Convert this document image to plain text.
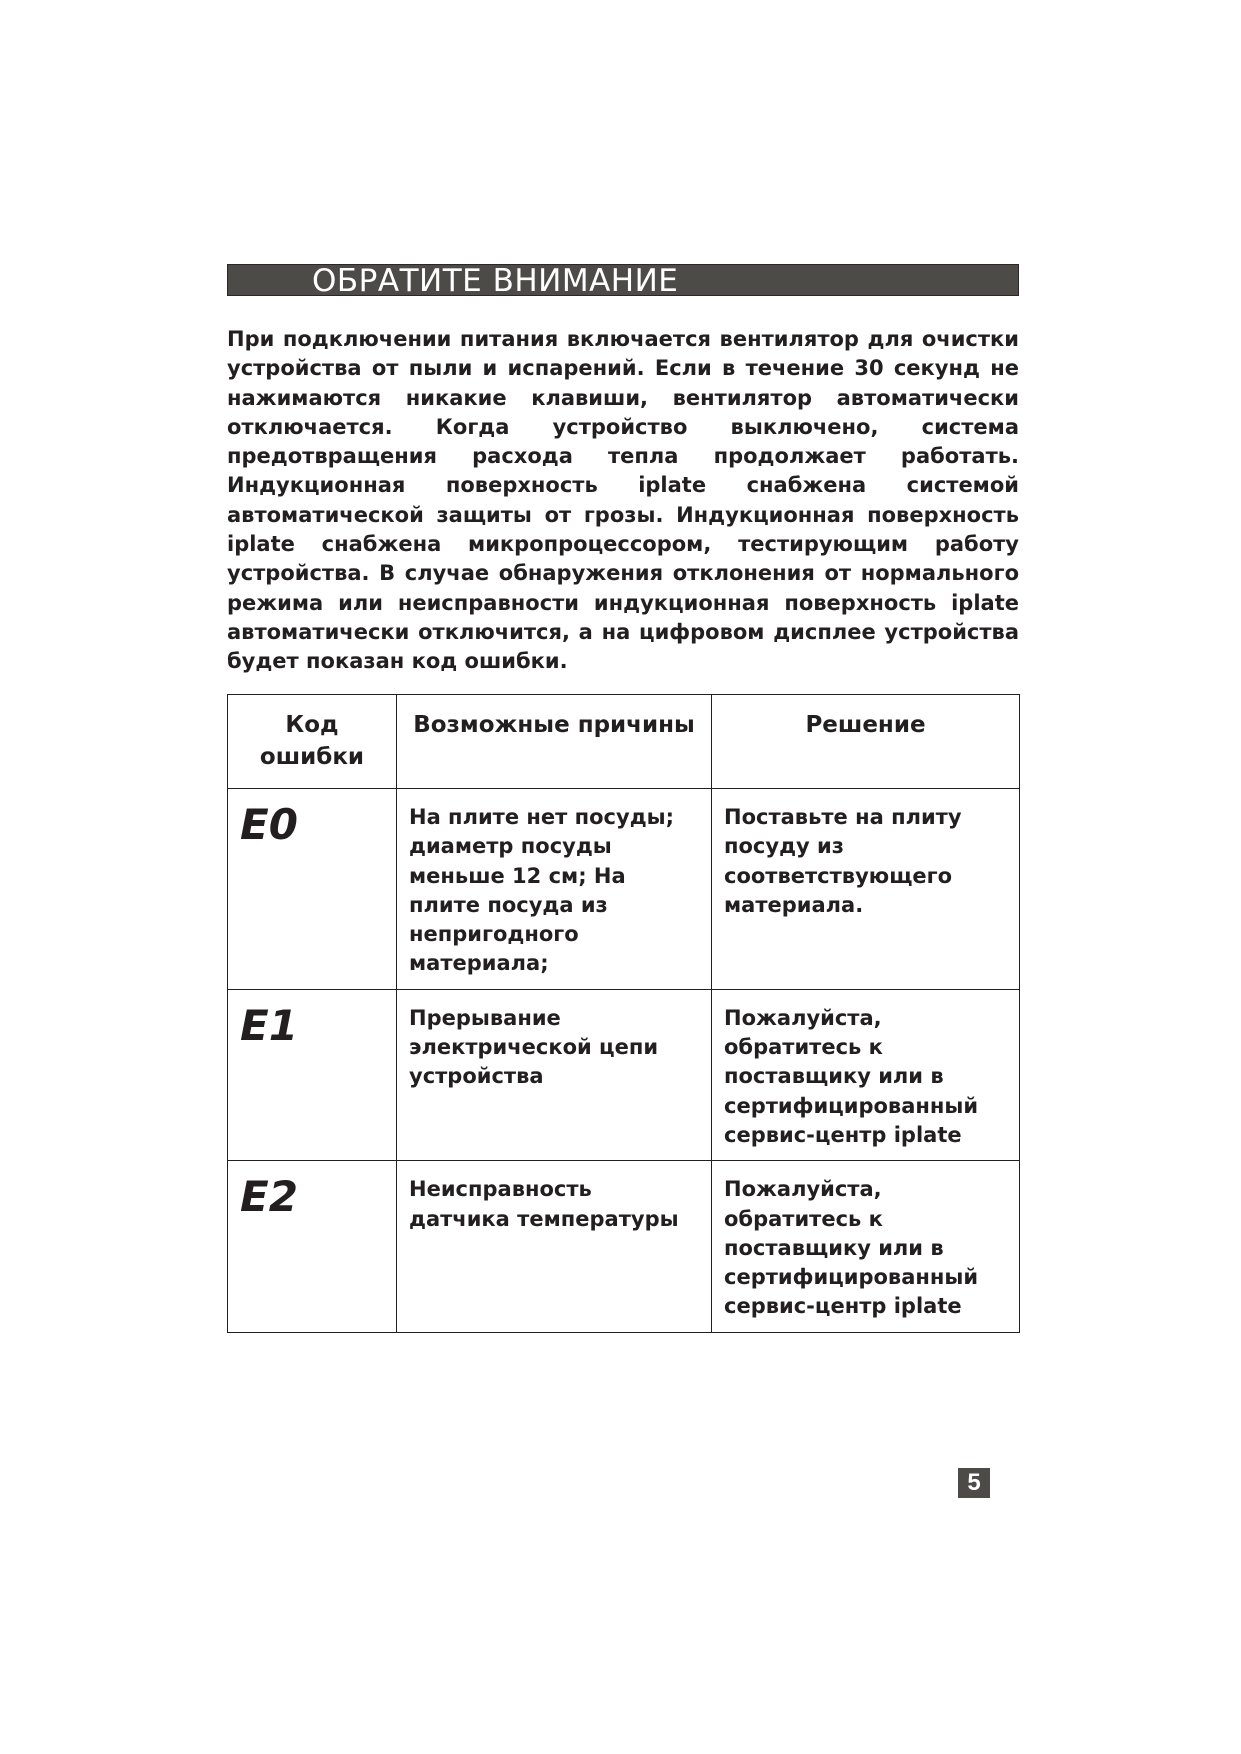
ОБРАТИТЕ ВНИМАНИЕ

При подключении питания включается вентилятор для очистки устройства от пыли и испарений. Если в течение 30 секунд не нажимаются никакие клавиши, вентилятор автоматически отключается. Когда устройство выключено, система предотвращения расхода тепла продолжает работать. Индукционная поверхность iplate снабжена системой автоматической защиты от грозы. Индукционная поверхность iplate снабжена микропроцессором, тестирующим работу устройства. В случае обнаружения отклонения от нормального режима или неисправности индукционная поверхность iplate автоматически отключится, а на цифровом дисплее устройства будет показан код ошибки.

Код ошибки	Возможные причины	Решение
E0	На плите нет посуды; диаметр посуды меньше 12 см; На плите посуда из непригодного материала;	Поставьте на плиту посуду из соответствующего материала.
E1	Прерывание электрической цепи устройства	Пожалуйста, обратитесь к поставщику или в сертифицированный сервис-центр iplate
E2	Неисправность датчика температуры	Пожалуйста, обратитесь к поставщику или в сертифицированный сервис-центр iplate
5
